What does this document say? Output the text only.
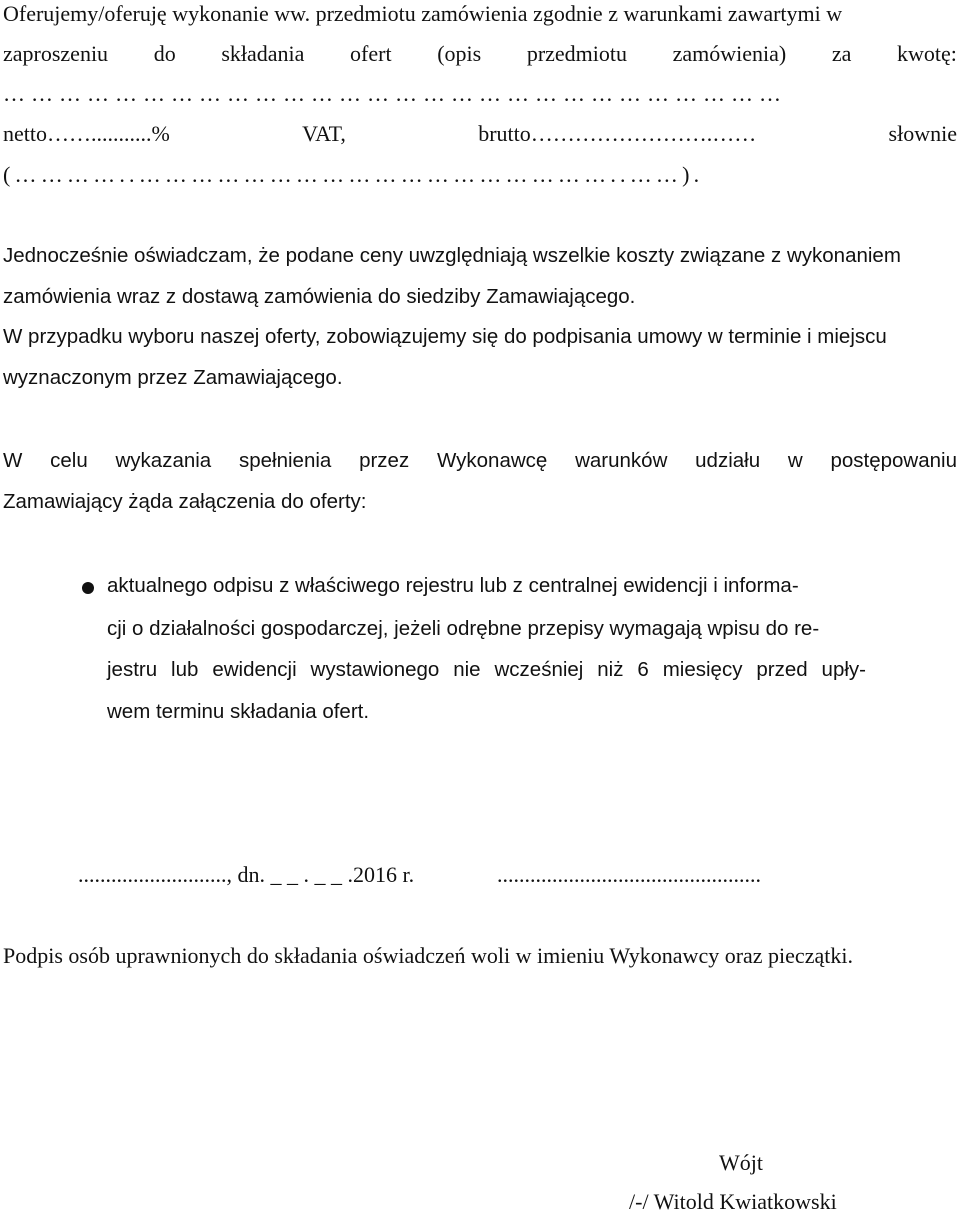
Oferujemy/oferuję wykonanie ww. przedmiotu zamówienia zgodnie z warunkami zawartymi w
zaproszeniu do składania ofert (opis przedmiotu zamówienia) za kwotę:
…………………………………………………………………………
netto……...........%	VAT,	brutto…………………….……	słownie
(…………..………………………………………………..……).
Jednocześnie oświadczam, że podane ceny uwzględniają wszelkie koszty związane z wykonaniem
zamówienia wraz z dostawą zamówienia do siedziby Zamawiającego.
W przypadku wyboru naszej oferty, zobowiązujemy się do podpisania umowy w terminie i miejscu
wyznaczonym przez Zamawiającego.
W celu wykazania spełnienia przez Wykonawcę warunków udziału w postępowaniu
Zamawiający żąda załączenia do oferty:
aktualnego odpisu z właściwego rejestru lub z centralnej ewidencji i informa-
cji o działalności gospodarczej, jeżeli odrębne przepisy wymagają wpisu do re-
jestru lub ewidencji wystawionego nie wcześniej niż 6 miesięcy przed upły-
wem terminu składania ofert.
..........................., dn. _ _ . _ _ .2016 r.	................................................
Podpis osób uprawnionych do składania oświadczeń woli w imieniu Wykonawcy oraz pieczątki.
Wójt
/-/ Witold Kwiatkowski
